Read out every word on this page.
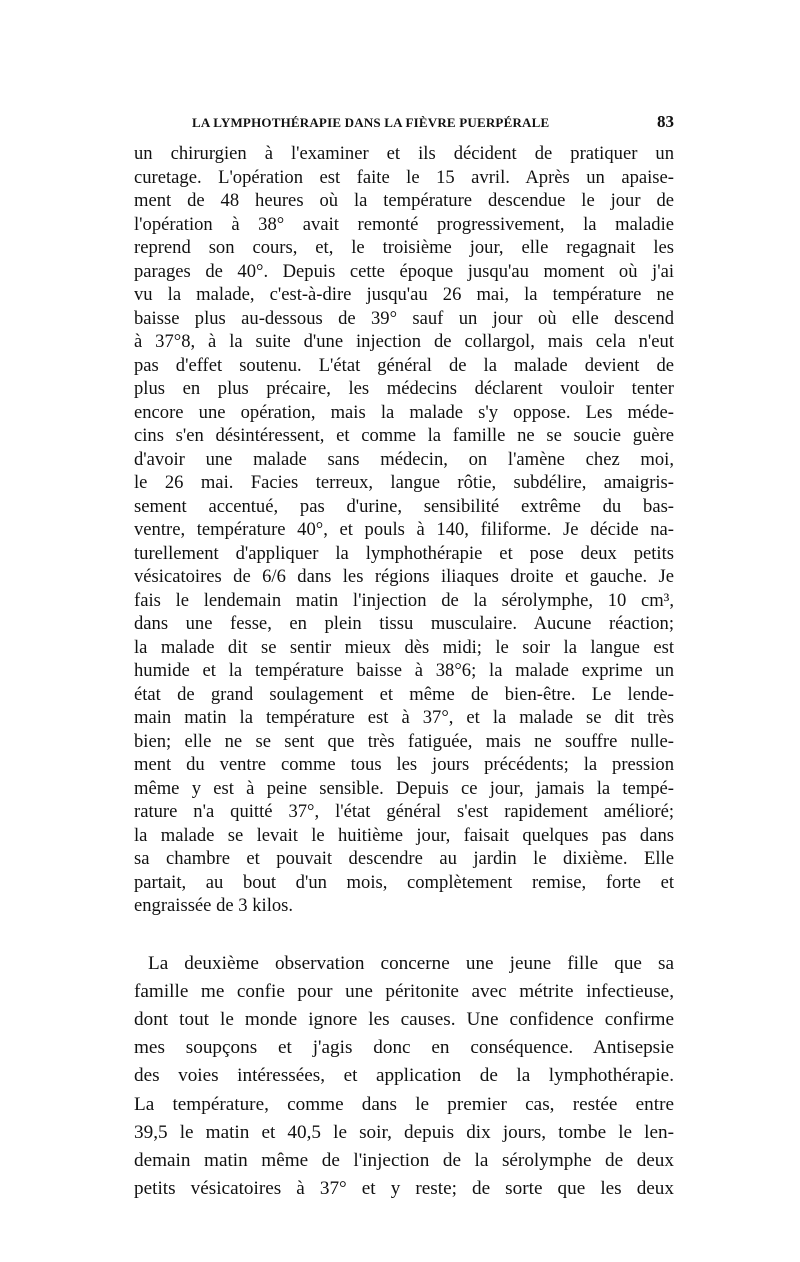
LA LYMPHOTHÉRAPIE DANS LA FIÈVRE PUERPÉRALE	83
un chirurgien à l'examiner et ils décident de pratiquer un
curetage. L'opération est faite le 15 avril. Après un apaise-
ment de 48 heures où la température descendue le jour de
l'opération à 38° avait remonté progressivement, la maladie
reprend son cours, et, le troisième jour, elle regagnait les
parages de 40°. Depuis cette époque jusqu'au moment où j'ai
vu la malade, c'est-à-dire jusqu'au 26 mai, la température ne
baisse plus au-dessous de 39° sauf un jour où elle descend
à 37°8, à la suite d'une injection de collargol, mais cela n'eut
pas d'effet soutenu. L'état général de la malade devient de
plus en plus précaire, les médecins déclarent vouloir tenter
encore une opération, mais la malade s'y oppose. Les méde-
cins s'en désintéressent, et comme la famille ne se soucie guère
d'avoir une malade sans médecin, on l'amène chez moi,
le 26 mai. Facies terreux, langue rôtie, subdélire, amaigris-
sement accentué, pas d'urine, sensibilité extrême du bas-
ventre, température 40°, et pouls à 140, filiforme. Je décide na-
turellement d'appliquer la lymphothérapie et pose deux petits
vésicatoires de 6/6 dans les régions iliaques droite et gauche. Je
fais le lendemain matin l'injection de la sérolymphe, 10 cm³,
dans une fesse, en plein tissu musculaire. Aucune réaction;
la malade dit se sentir mieux dès midi; le soir la langue est
humide et la température baisse à 38°6; la malade exprime un
état de grand soulagement et même de bien-être. Le lende-
main matin la température est à 37°, et la malade se dit très
bien; elle ne se sent que très fatiguée, mais ne souffre nulle-
ment du ventre comme tous les jours précédents; la pression
même y est à peine sensible. Depuis ce jour, jamais la tempé-
rature n'a quitté 37°, l'état général s'est rapidement amélioré;
la malade se levait le huitième jour, faisait quelques pas dans
sa chambre et pouvait descendre au jardin le dixième. Elle
partait, au bout d'un mois, complètement remise, forte et
engraissée de 3 kilos.
La deuxième observation concerne une jeune fille que sa
famille me confie pour une péritonite avec métrite infectieuse,
dont tout le monde ignore les causes. Une confidence confirme
mes soupçons et j'agis donc en conséquence. Antisepsie
des voies intéressées, et application de la lymphothérapie.
La température, comme dans le premier cas, restée entre
39,5 le matin et 40,5 le soir, depuis dix jours, tombe le len-
demain matin même de l'injection de la sérolymphe de deux
petits vésicatoires à 37° et y reste; de sorte que les deux
